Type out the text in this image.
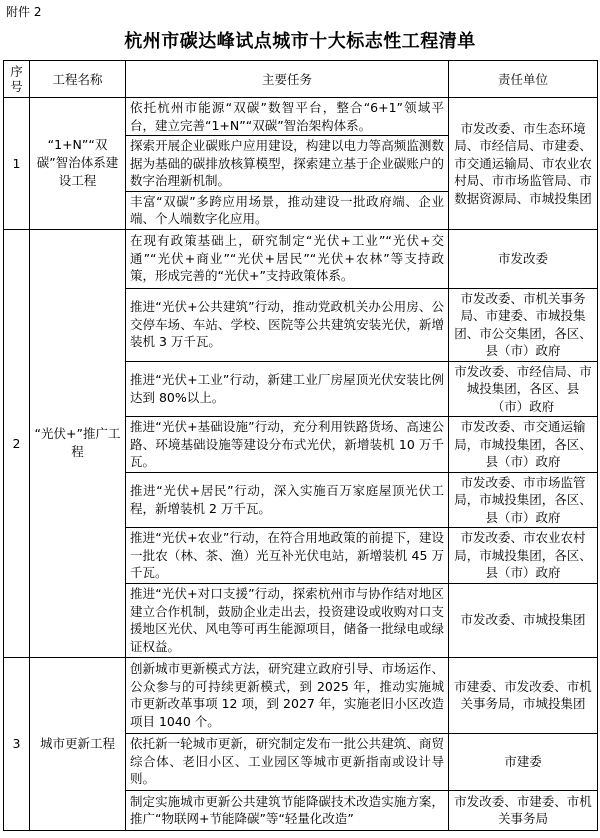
附件 2
杭州市碳达峰试点城市十大标志性工程清单
序号	工程名称	主要任务	责任单位
1	“1+N”“双碳”智治体系建设工程	依托杭州市能源“双碳”数智平台，整合“6+1”领域平台，建立完善“1+N”“双碳”智治架构体系。	市发改委、市生态环境局、市经信局、市建委、市交通运输局、市农业农村局、市市场监管局、市数据资源局、市城投集团
		探索开展企业碳账户应用建设，构建以电力等高频监测数据为基础的碳排放核算模型，探索建立基于企业碳账户的数字治理新机制。	
		丰富“双碳”多跨应用场景，推动建设一批政府端、企业端、个人端数字化应用。	
2	“光伏+”推广工程	在现有政策基础上，研究制定“光伏+工业”“光伏+交通”“光伏+商业”“光伏+居民”“光伏+农林”等支持政策，形成完善的“光伏+”支持政策体系。	市发改委
		推进“光伏+公共建筑”行动，推动党政机关办公用房、公交停车场、车站、学校、医院等公共建筑安装光伏，新增装机 3 万千瓦。	市发改委、市机关事务局、市建委、市城投集团、市公交集团，各区、县（市）政府
		推进“光伏+工业”行动，新建工业厂房屋顶光伏安装比例达到 80%以上。	市发改委、市经信局、市城投集团，各区、县（市）政府
		推进“光伏+基础设施”行动，充分利用铁路货场、高速公路、环境基础设施等建设分布式光伏，新增装机 10 万千瓦。	市发改委、市交通运输局，市城投集团，各区、县（市）政府
		推进“光伏+居民”行动，深入实施百万家庭屋顶光伏工程，新增装机 2 万千瓦。	市发改委、市市场监管局，市城投集团，各区、县（市）政府
		推进“光伏+农业”行动，在符合用地政策的前提下，建设一批农（林、茶、渔）光互补光伏电站，新增装机 45 万千瓦。	市发改委、市农业农村局，市城投集团，各区、县（市）政府
		推进“光伏+对口支援”行动，探索杭州市与协作结对地区建立合作机制，鼓励企业走出去，投资建设或收购对口支援地区光伏、风电等可再生能源项目，储备一批绿电或绿证权益。	市发改委、市城投集团
3	城市更新工程	创新城市更新模式方法，研究建立政府引导、市场运作、公众参与的可持续更新模式，到 2025 年，推动实施城市更新改革事项 12 项，到 2027 年，实施老旧小区改造项目 1040 个。	市建委、市发改委、市机关事务局，市城投集团
		依托新一轮城市更新，研究制定发布一批公共建筑、商贸综合体、老旧小区、工业园区等城市更新指南或设计导则。	市建委
		制定实施城市更新公共建筑节能降碳技术改造实施方案，推广“物联网+节能降碳”等“轻量化改造”	市发改委、市建委、市机关事务局
